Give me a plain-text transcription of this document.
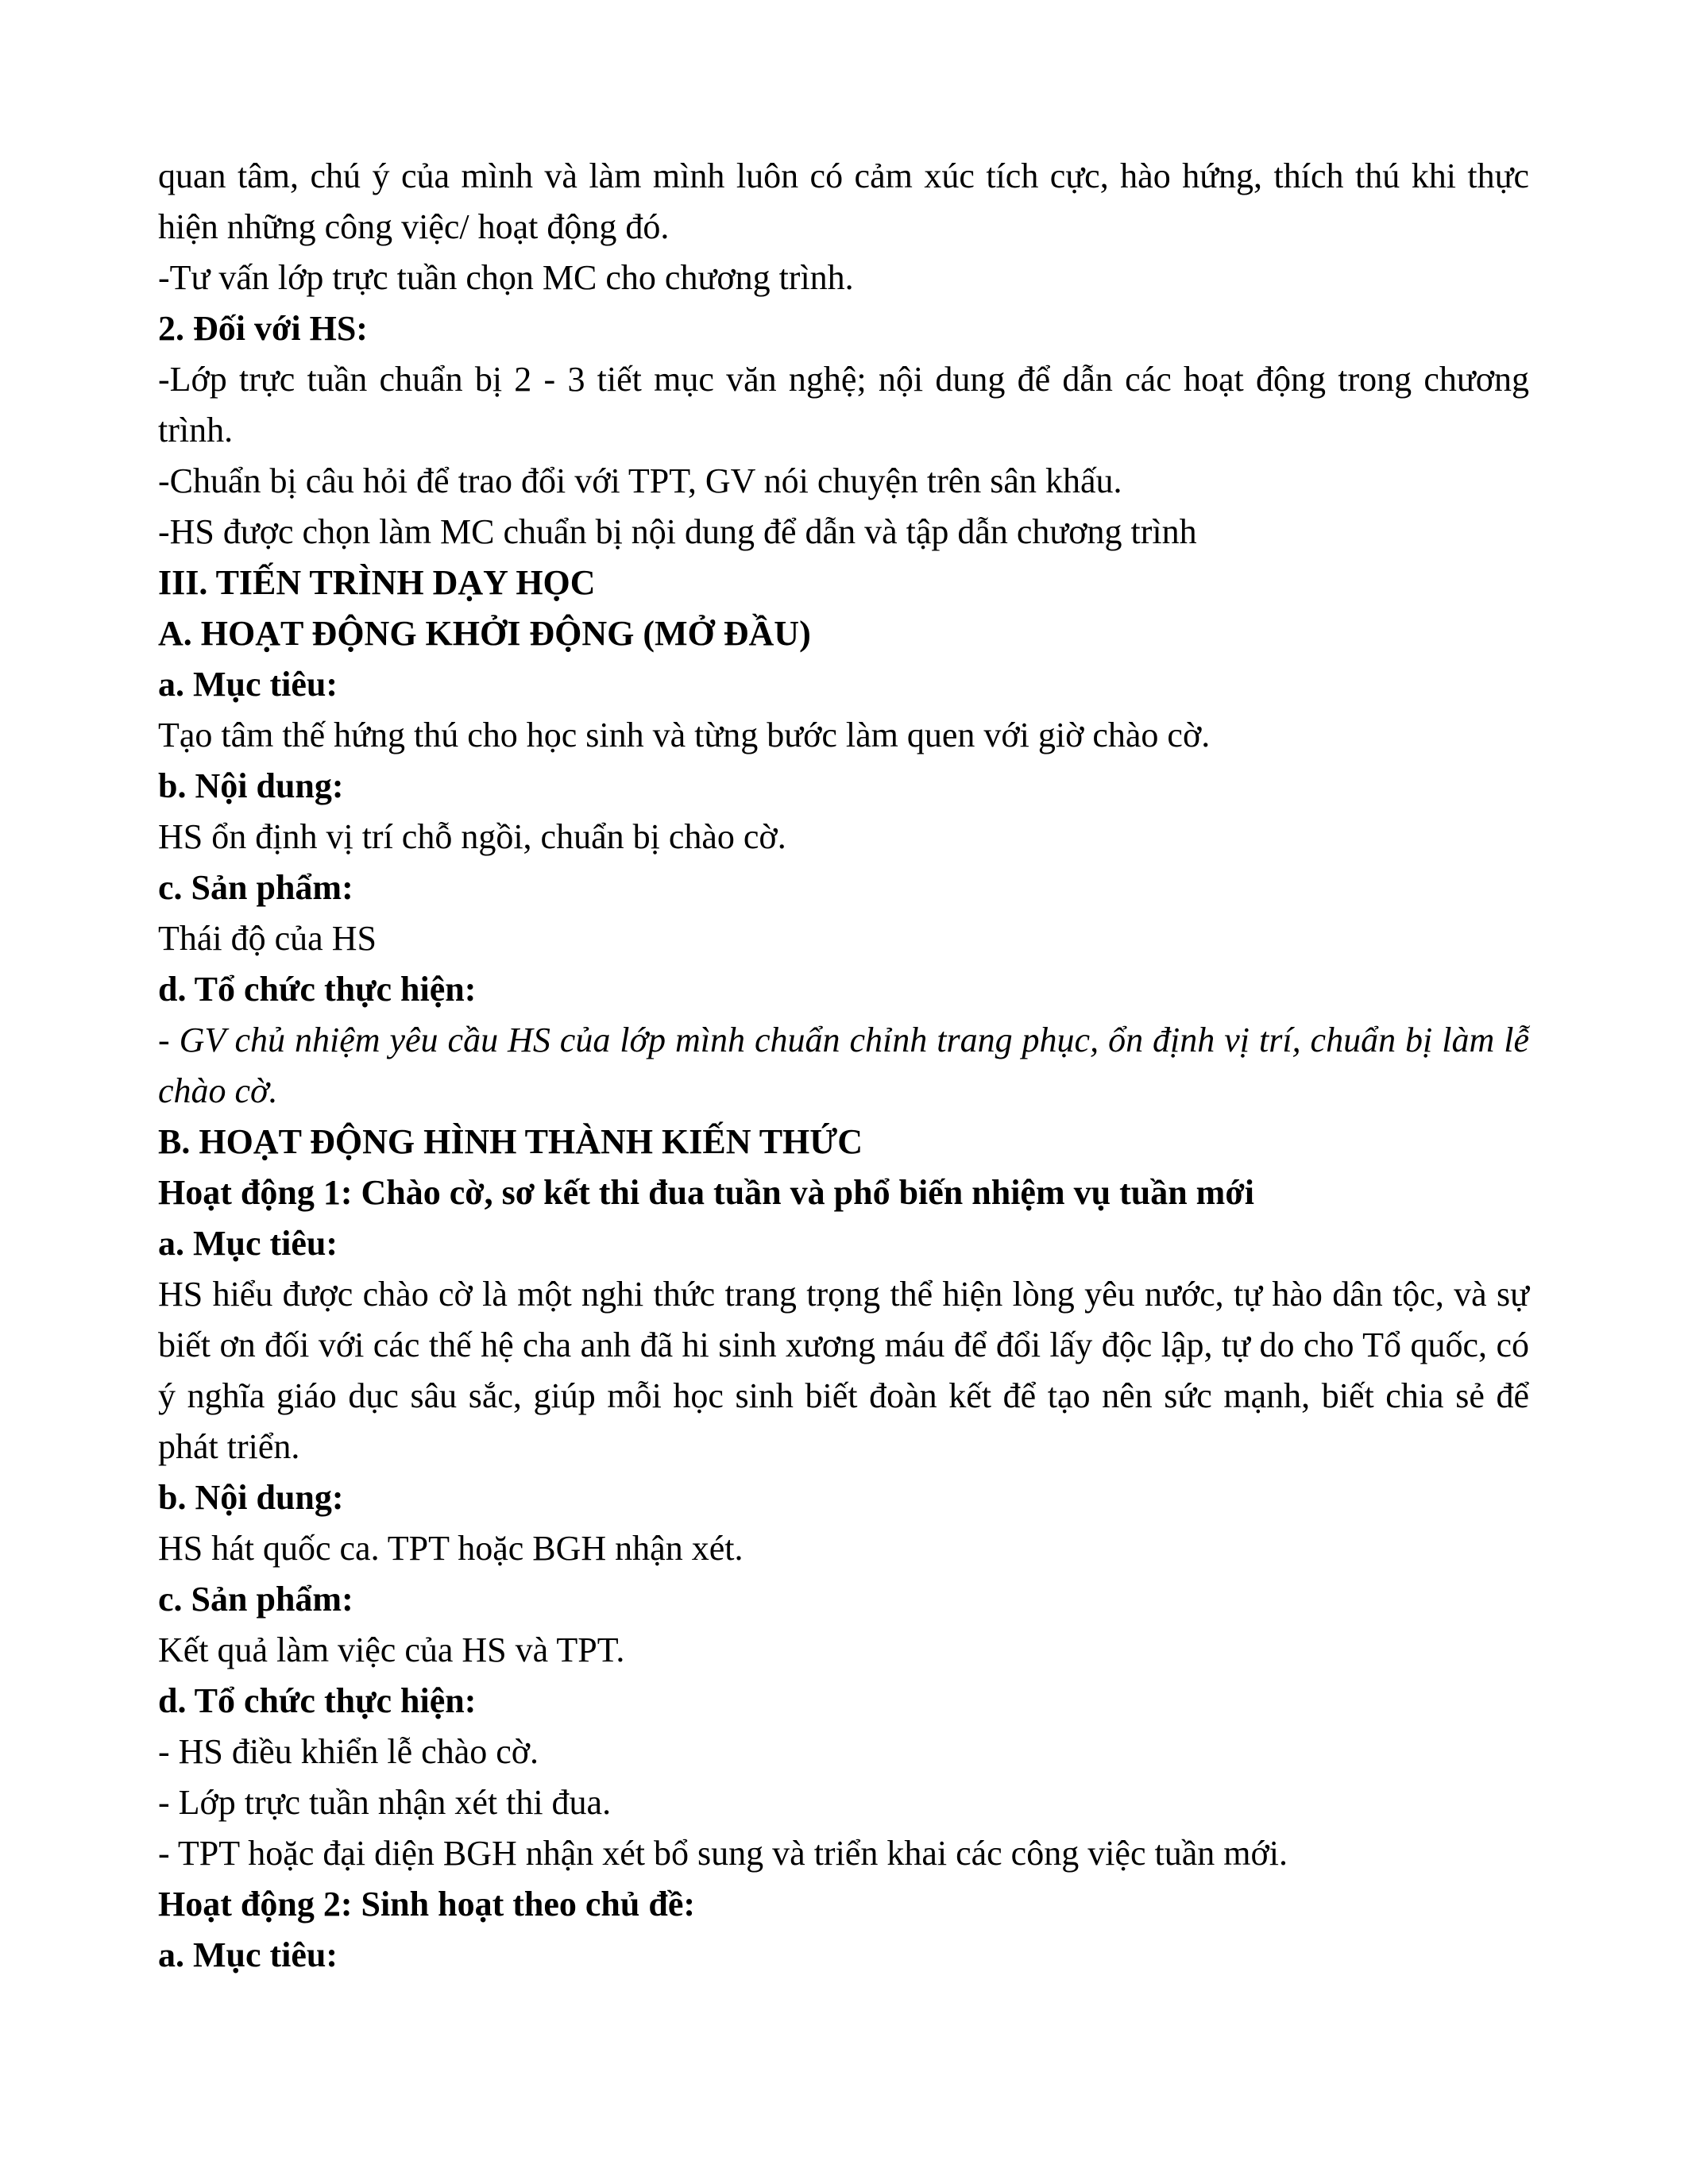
quan tâm, chú ý của mình và làm mình luôn có cảm xúc tích cực, hào hứng, thích thú khi thực hiện những công việc/ hoạt động đó.

-Tư vấn lớp trực tuần chọn MC cho chương trình.

2. Đối với HS:

-Lớp trực tuần chuẩn bị 2 - 3 tiết mục văn nghệ; nội dung để dẫn các hoạt động trong chương trình.

-Chuẩn bị câu hỏi để trao đổi với TPT, GV nói chuyện trên sân khấu.

-HS được chọn làm MC chuẩn bị nội dung để dẫn và tập dẫn chương trình

III. TIẾN TRÌNH DẠY HỌC

A. HOẠT ĐỘNG KHỞI ĐỘNG (MỞ ĐẦU)

a. Mục tiêu:

Tạo tâm thế hứng thú cho học sinh và từng bước làm quen với giờ chào cờ.

b. Nội dung:

HS ổn định vị trí chỗ ngồi, chuẩn bị chào cờ.

c. Sản phẩm:

Thái độ của HS

d. Tổ chức thực hiện:

- GV chủ nhiệm yêu cầu HS của lớp mình chuẩn chỉnh trang phục, ổn định vị trí, chuẩn bị làm lễ chào cờ.

B. HOẠT ĐỘNG HÌNH THÀNH KIẾN THỨC

Hoạt động 1: Chào cờ, sơ kết thi đua tuần và phổ biến nhiệm vụ tuần mới

a. Mục tiêu:

HS hiểu được chào cờ là một nghi thức trang trọng thể hiện lòng yêu nước, tự hào dân tộc, và sự biết ơn đối với các thế hệ cha anh đã hi sinh xương máu để đổi lấy độc lập, tự do cho Tổ quốc, có ý nghĩa giáo dục sâu sắc, giúp mỗi học sinh biết đoàn kết để tạo nên sức mạnh, biết chia sẻ để phát triển.

b. Nội dung:

HS hát quốc ca. TPT hoặc BGH nhận xét.

c. Sản phẩm:

Kết quả làm việc của HS và TPT.

d. Tổ chức thực hiện:

- HS điều khiển lễ chào cờ.

- Lớp trực tuần nhận xét thi đua.

- TPT hoặc đại diện BGH nhận xét bổ sung và triển khai các công việc tuần mới.

Hoạt động 2: Sinh hoạt theo chủ đề:

a. Mục tiêu:
